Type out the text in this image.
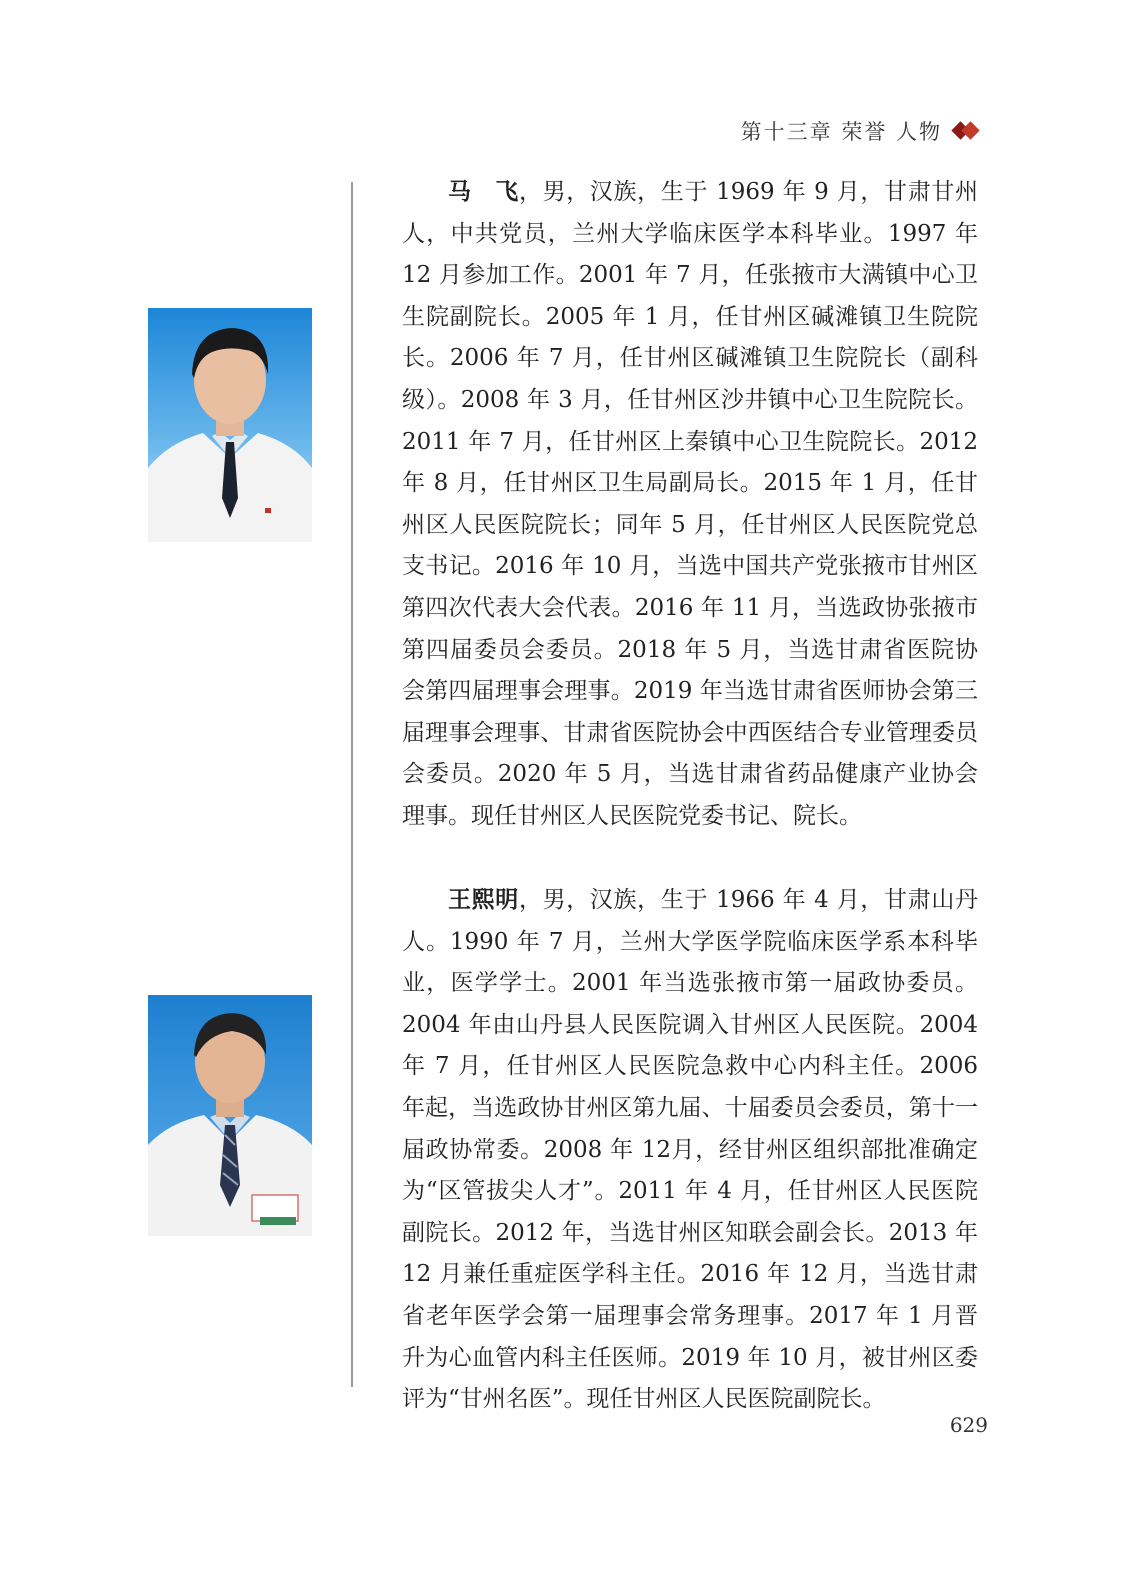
第十三章 荣誉 人物

马　飞，男，汉族，生于 1969 年 9 月，甘肃甘州人，中共党员，兰州大学临床医学本科毕业。1997 年 12 月参加工作。2001 年 7 月，任张掖市大满镇中心卫生院副院长。2005 年 1 月，任甘州区碱滩镇卫生院院长。2006 年 7 月，任甘州区碱滩镇卫生院院长（副科级）。2008 年 3 月，任甘州区沙井镇中心卫生院院长。2011 年 7 月，任甘州区上秦镇中心卫生院院长。2012 年 8 月，任甘州区卫生局副局长。2015 年 1 月，任甘州区人民医院院长；同年 5 月，任甘州区人民医院党总支书记。2016 年 10 月，当选中国共产党张掖市甘州区第四次代表大会代表。2016 年 11 月，当选政协张掖市第四届委员会委员。2018 年 5 月，当选甘肃省医院协会第四届理事会理事。2019 年当选甘肃省医师协会第三届理事会理事、甘肃省医院协会中西医结合专业管理委员会委员。2020 年 5 月，当选甘肃省药品健康产业协会理事。现任甘州区人民医院党委书记、院长。

王熙明，男，汉族，生于 1966 年 4 月，甘肃山丹人。1990 年 7 月，兰州大学医学院临床医学系本科毕业，医学学士。2001 年当选张掖市第一届政协委员。2004 年由山丹县人民医院调入甘州区人民医院。2004 年 7 月，任甘州区人民医院急救中心内科主任。2006 年起，当选政协甘州区第九届、十届委员会委员，第十一届政协常委。2008 年 12月，经甘州区组织部批准确定为“区管拔尖人才”。2011 年 4 月，任甘州区人民医院副院长。2012 年，当选甘州区知联会副会长。2013 年 12 月兼任重症医学科主任。2016 年 12 月，当选甘肃省老年医学会第一届理事会常务理事。2017 年 1 月晋升为心血管内科主任医师。2019 年 10 月，被甘州区委评为“甘州名医”。现任甘州区人民医院副院长。

629
